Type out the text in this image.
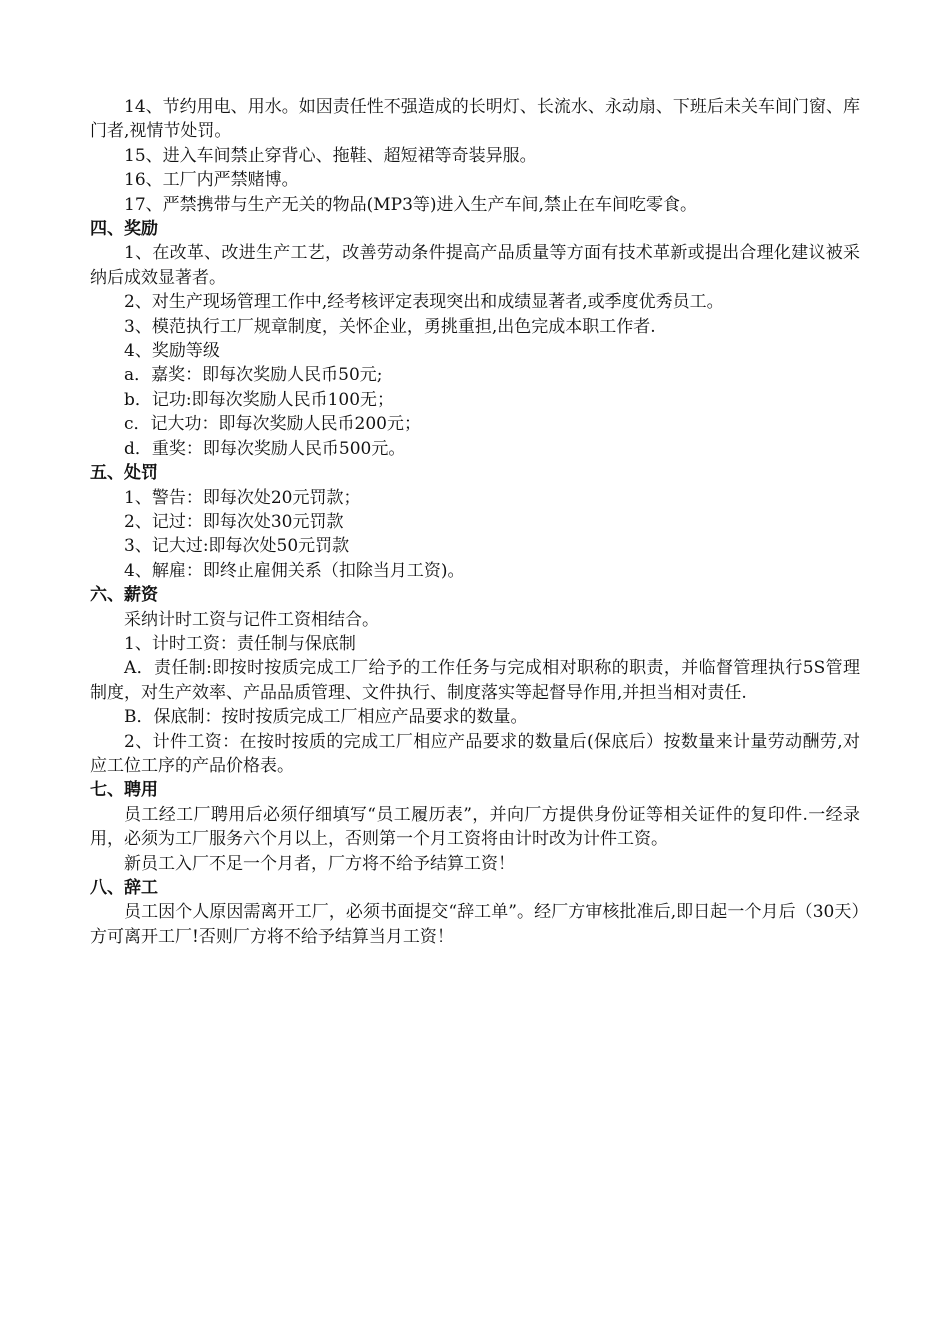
14、节约用电、用水。如因责任性不强造成的长明灯、长流水、永动扇、下班后未关车间门窗、库门者,视情节处罚。

15、进入车间禁止穿背心、拖鞋、超短裙等奇装异服。

16、工厂内严禁赌博。

17、严禁携带与生产无关的物品(MP3等)进入生产车间,禁止在车间吃零食。

四、奖励

1、在改革、改进生产工艺，改善劳动条件提高产品质量等方面有技术革新或提出合理化建议被采纳后成效显著者。

2、对生产现场管理工作中,经考核评定表现突出和成绩显著者,或季度优秀员工。

3、模范执行工厂规章制度，关怀企业，勇挑重担,出色完成本职工作者.

4、奖励等级

a．嘉奖：即每次奖励人民币50元;

b．记功:即每次奖励人民币100无；

c．记大功：即每次奖励人民币200元；

d．重奖：即每次奖励人民币500元。

五、处罚

1、警告：即每次处20元罚款；

2、记过：即每次处30元罚款

3、记大过:即每次处50元罚款

4、解雇：即终止雇佣关系（扣除当月工资)。

六、薪资

采纳计时工资与记件工资相结合。

1、计时工资：责任制与保底制

A．责任制:即按时按质完成工厂给予的工作任务与完成相对职称的职责，并临督管理执行5S管理制度，对生产效率、产品品质管理、文件执行、制度落实等起督导作用,并担当相对责任.

B．保底制：按时按质完成工厂相应产品要求的数量。

2、计件工资：在按时按质的完成工厂相应产品要求的数量后(保底后）按数量来计量劳动酬劳,对应工位工序的产品价格表。

七、聘用

员工经工厂聘用后必须仔细填写“员工履历表”，并向厂方提供身份证等相关证件的复印件.一经录用，必须为工厂服务六个月以上，否则第一个月工资将由计时改为计件工资。

新员工入厂不足一个月者，厂方将不给予结算工资！

八、辞工

员工因个人原因需离开工厂，必须书面提交“辞工单”。经厂方审核批准后,即日起一个月后（30天）方可离开工厂!否则厂方将不给予结算当月工资！
